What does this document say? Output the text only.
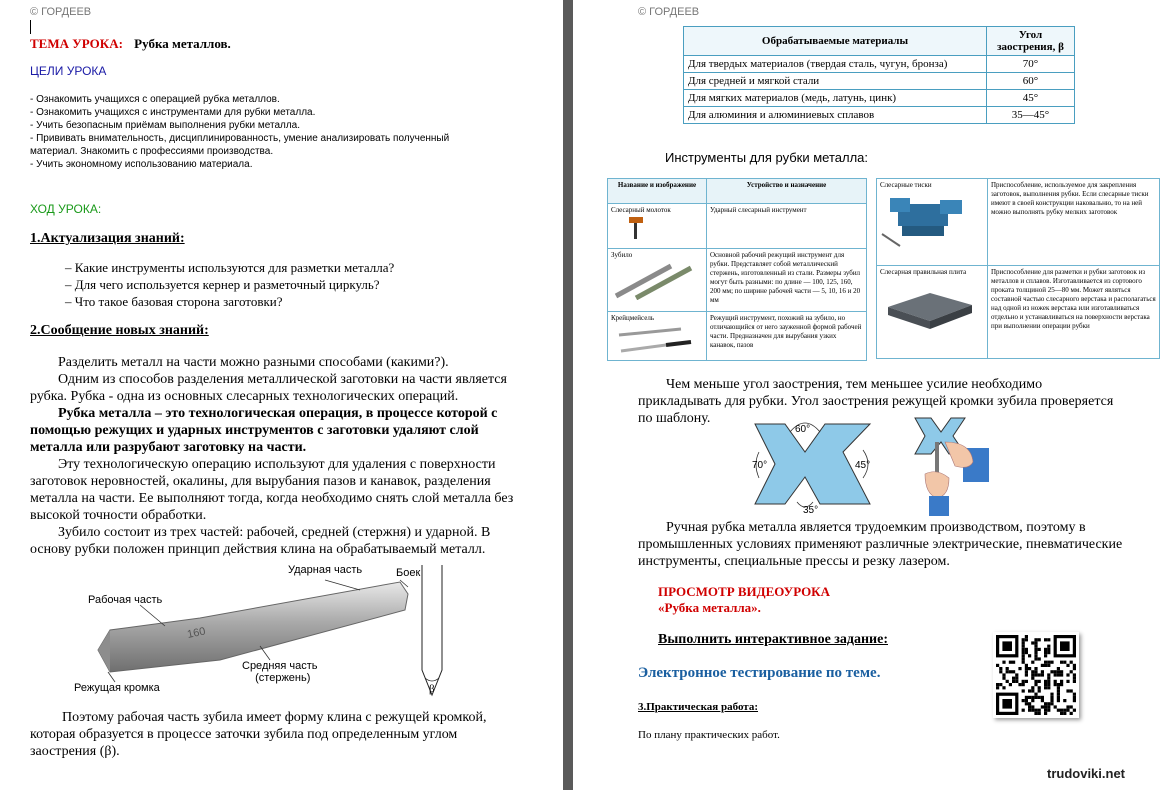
© ГОРДЕЕВ
ТЕМА УРОКА: Рубка металлов.
ЦЕЛИ УРОКА
- Ознакомить учащихся с операцией рубка металлов.
- Ознакомить учащихся с инструментами для рубки металла.
- Учить безопасным приёмам выполнения рубки металла.
- Прививать внимательность, дисциплинированность, умение анализировать полученный
материал. Знакомить с профессиями производства.
- Учить экономному использованию материала.
ХОД УРОКА:
1.Актуализация знаний:
– Какие инструменты используются для разметки металла?
– Для чего используется кернер и разметочный циркуль?
– Что такое базовая сторона заготовки?
2.Сообщение новых знаний:
Разделить металл на части можно разными способами (какими?).
Одним из способов разделения металлической заготовки на части является
рубка. Рубка - одна из основных слесарных технологических операций.
Рубка металла – это технологическая операция, в процессе которой с
помощью режущих и ударных инструментов с заготовки удаляют слой
металла или разрубают заготовку на части.
Эту технологическую операцию используют для удаления с поверхности
заготовок неровностей, окалины, для вырубания пазов и канавок, разделения
металла на части. Ее выполняют тогда, когда необходимо снять слой металла без
высокой точности обработки.
Зубило состоит из трех частей: рабочей, средней (стержня) и ударной. В
основу рубки положен принцип действия клина на обрабатываемый металл.
160
β
Ударная часть	Боек
Рабочая часть
Средняя часть
(стержень)
Режущая кромка
Поэтому рабочая часть зубила имеет форму клина с режущей кромкой,
которая образуется в процессе заточки зубила под определенным углом
заострения (β).
© ГОРДЕЕВ
Обрабатываемые материалы	Угол
заострения, β

Для твердых материалов (твердая сталь, чугун, бронза)	70°
Для средней и мягкой стали	60°
Для мягких материалов (медь, латунь, цинк)	45°
Для алюминия и алюминиевых сплавов	35—45°
Инструменты для рубки металла:
Название и изображение	Устройство и назначение

Слесарный молоток	Ударный слесарный инструмент

Зубило	Основной рабочий режущий инструмент для рубки. Представляет собой металлический стержень, изготовленный из стали. Размеры зубил могут быть разными: по длине — 100, 125, 160, 200 мм; по ширине рабочей части — 5, 10, 16 и 20 мм

Крейцмейсель	Режущий инструмент, похожий на зубило, но отличающийся от него зауженной формой рабочей части. Предназначен для вырубания узких канавок, пазов
Слесарные тиски	Приспособление, используемое для закрепления заготовок, выполнения рубки. Если слесарные тиски имеют в своей конструкции наковальню, то на ней можно выполнять рубку мелких заготовок

Слесарная правильная плита	Приспособление для разметки и рубки заготовок из металлов и сплавов. Изготавливается из сортового проката толщиной 25—80 мм. Может являться составной частью слесарного верстака и располагаться над одной из ножек верстака или изготавливаться отдельно и устанавливаться на поверхности верстака при выполнении операции рубки
Чем меньше угол заострения, тем меньшее усилие необходимо
прикладывать для рубки. Угол заострения режущей кромки зубила проверяется
по шаблону.
60°
70°	45°
35°
Ручная рубка металла является трудоемким производством, поэтому в
промышленных условиях применяют различные электрические, пневматические
инструменты, специальные прессы и резку лазером.
ПРОСМОТР ВИДЕОУРОКА
«Рубка металла».
Выполнить интерактивное задание:
Электронное тестирование по теме.
3.Практическая работа:
По плану практических работ.
trudoviki.net
